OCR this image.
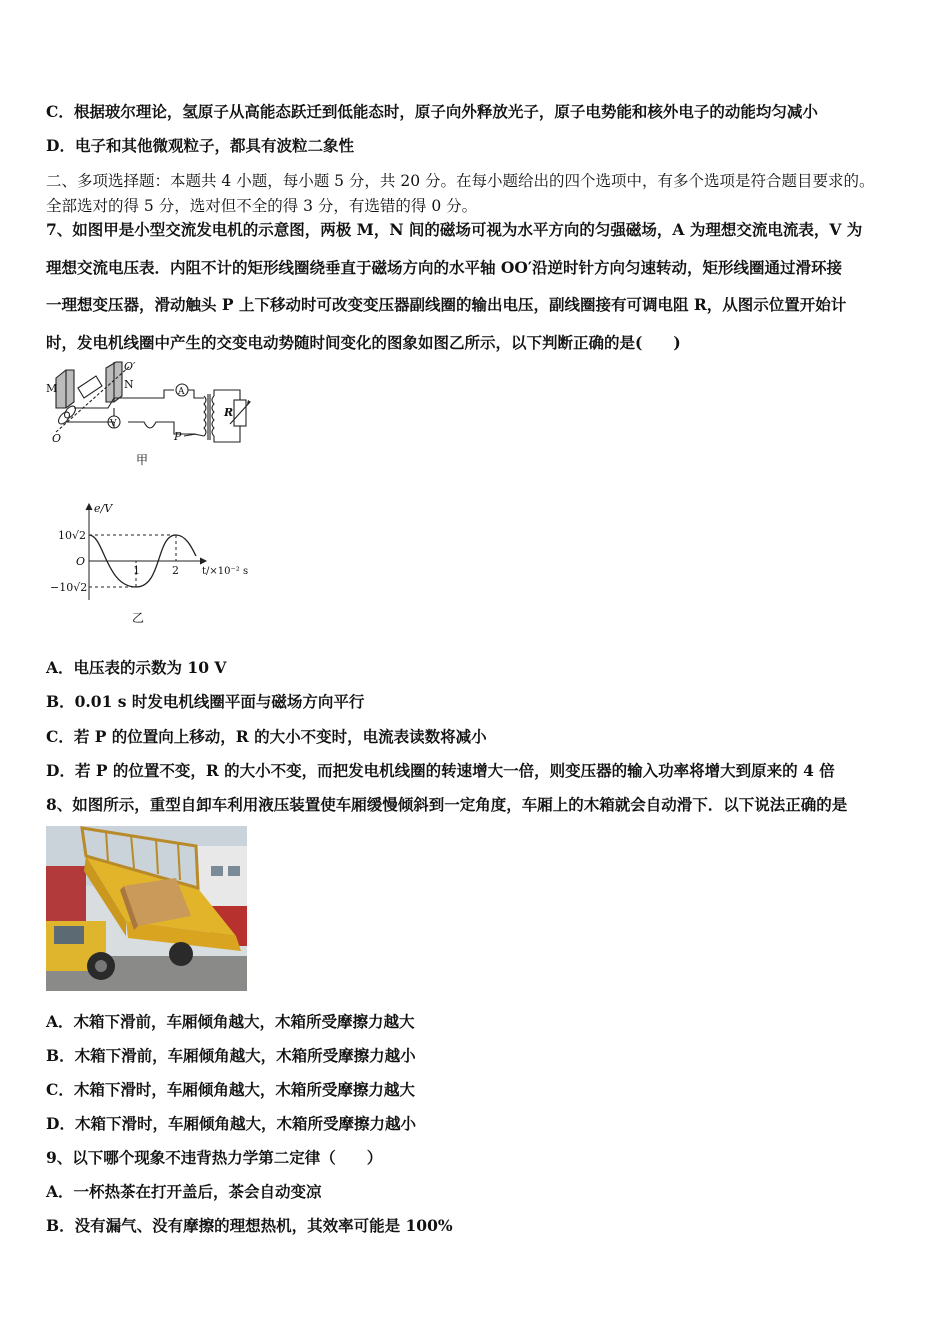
C．根据玻尔理论，氢原子从高能态跃迁到低能态时，原子向外释放光子，原子电势能和核外电子的动能均匀减小
D．电子和其他微观粒子，都具有波粒二象性
二、多项选择题：本题共 4 小题，每小题 5 分，共 20 分。在每小题给出的四个选项中，有多个选项是符合题目要求的。
全部选对的得 5 分，选对但不全的得 3 分，有选错的得 0 分。
7、如图甲是小型交流发电机的示意图，两极 M，N 间的磁场可视为水平方向的匀强磁场，A 为理想交流电流表，V 为
理想交流电压表．内阻不计的矩形线圈绕垂直于磁场方向的水平轴 OO′沿逆时针方向匀速转动，矩形线圈通过滑环接
一理想变压器，滑动触头 P 上下移动时可改变变压器副线圈的输出电压，副线圈接有可调电阻 R，从图示位置开始计
时，发电机线圈中产生的交变电动势随时间变化的图象如图乙所示，以下判断正确的是(　　)
M	N
O
O′
A
V
P
R
甲
e/V
10√2
O
−10√2
1	2 t/×10⁻² s
乙
A．电压表的示数为 10 V
B．0.01 s 时发电机线圈平面与磁场方向平行
C．若 P 的位置向上移动，R 的大小不变时，电流表读数将减小
D．若 P 的位置不变，R 的大小不变，而把发电机线圈的转速增大一倍，则变压器的输入功率将增大到原来的 4 倍
8、如图所示，重型自卸车利用液压装置使车厢缓慢倾斜到一定角度，车厢上的木箱就会自动滑下．以下说法正确的是
A．木箱下滑前，车厢倾角越大，木箱所受摩擦力越大
B．木箱下滑前，车厢倾角越大，木箱所受摩擦力越小
C．木箱下滑时，车厢倾角越大，木箱所受摩擦力越大
D．木箱下滑时，车厢倾角越大，木箱所受摩擦力越小
9、以下哪个现象不违背热力学第二定律（　　）
A．一杯热茶在打开盖后，茶会自动变凉
B．没有漏气、没有摩擦的理想热机，其效率可能是 100%
